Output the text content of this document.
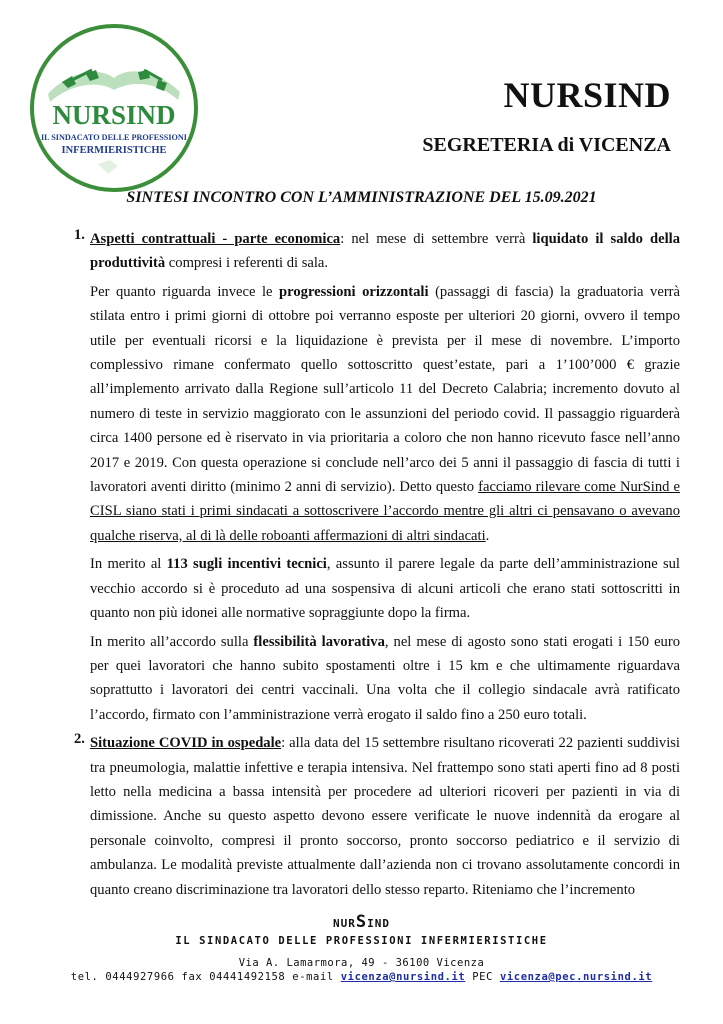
NURSIND
IL SINDACATO DELLE PROFESSIONI
INFERMIERISTICHE
NURSIND
SEGRETERIA di VICENZA
SINTESI INCONTRO CON L’AMMINISTRAZIONE DEL 15.09.2021
1. Aspetti contrattuali - parte economica: nel mese di settembre verrà liquidato il saldo della produttività compresi i referenti di sala.

Per quanto riguarda invece le progressioni orizzontali (passaggi di fascia) la graduatoria verrà stilata entro i primi giorni di ottobre poi verranno esposte per ulteriori 20 giorni, ovvero il tempo utile per eventuali ricorsi e la liquidazione è prevista per il mese di novembre. L’importo complessivo rimane confermato quello sottoscritto quest’estate, pari a 1’100’000 € grazie all’implemento arrivato dalla Regione sull’articolo 11 del Decreto Calabria; incremento dovuto al numero di teste in servizio maggiorato con le assunzioni del periodo covid. Il passaggio riguarderà circa 1400 persone ed è riservato in via prioritaria a coloro che non hanno ricevuto fasce nell’anno 2017 e 2019. Con questa operazione si conclude nell’arco dei 5 anni il passaggio di fascia di tutti i lavoratori aventi diritto (minimo 2 anni di servizio). Detto questo facciamo rilevare come NurSind e CISL siano stati i primi sindacati a sottoscrivere l’accordo mentre gli altri ci pensavano o avevano qualche riserva, al di là delle roboanti affermazioni di altri sindacati.

In merito al 113 sugli incentivi tecnici, assunto il parere legale da parte dell’amministrazione sul vecchio accordo si è proceduto ad una sospensiva di alcuni articoli che erano stati sottoscritti in quanto non più idonei alle normative sopraggiunte dopo la firma.

In merito all’accordo sulla flessibilità lavorativa, nel mese di agosto sono stati erogati i 150 euro per quei lavoratori che hanno subito spostamenti oltre i 15 km e che ultimamente riguardava soprattutto i lavoratori dei centri vaccinali. Una volta che il collegio sindacale avrà ratificato l’accordo, firmato con l’amministrazione verrà erogato il saldo fino a 250 euro totali.

2. Situazione COVID in ospedale: alla data del 15 settembre risultano ricoverati 22 pazienti suddivisi tra pneumologia, malattie infettive e terapia intensiva. Nel frattempo sono stati aperti fino ad 8 posti letto nella medicina a bassa intensità per procedere ad ulteriori ricoveri per pazienti in via di dimissione. Anche su questo aspetto devono essere verificate le nuove indennità da erogare al personale coinvolto, compresi il pronto soccorso, pronto soccorso pediatrico e il servizio di ambulanza. Le modalità previste attualmente dall’azienda non ci trovano assolutamente concordi in quanto creano discriminazione tra lavoratori dello stesso reparto. Riteniamo che l’incremento

NURSIND
IL SINDACATO DELLE PROFESSIONI INFERMIERISTICHE
Via A. Lamarmora, 49 - 36100 Vicenza
tel. 0444927966 fax 04441492158 e-mail vicenza@nursind.it PEC vicenza@pec.nursind.it
